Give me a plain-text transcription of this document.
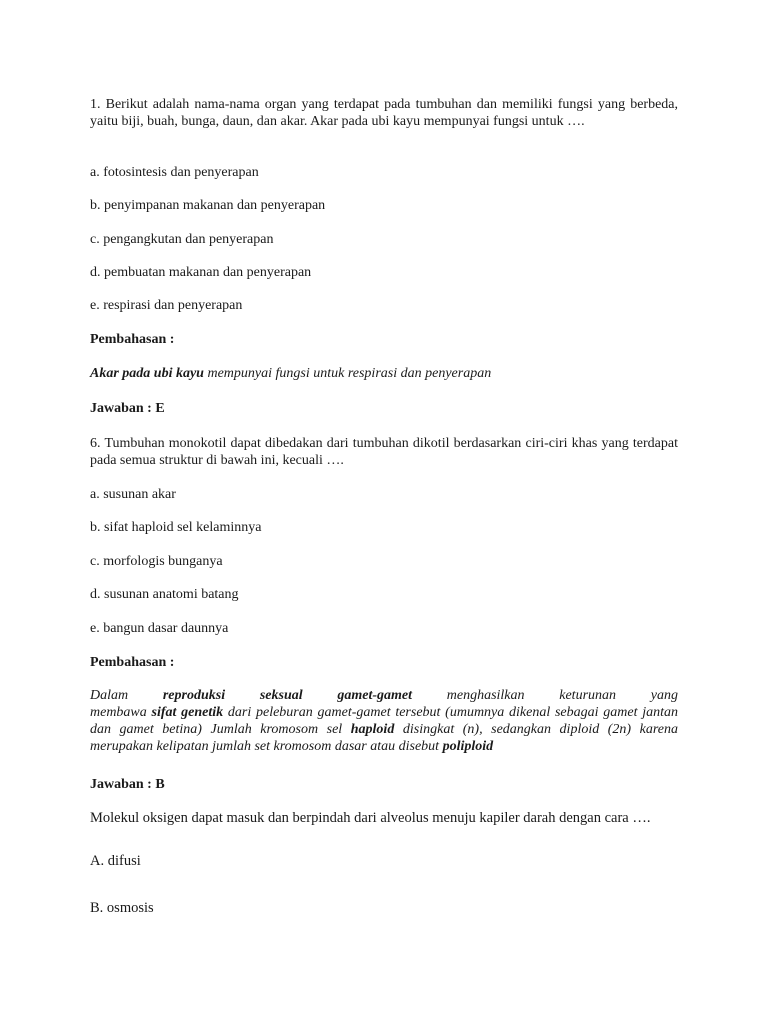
1. Berikut adalah nama-nama organ yang terdapat pada tumbuhan dan memiliki fungsi yang berbeda, yaitu biji, buah, bunga, daun, dan akar. Akar pada ubi kayu mempunyai fungsi untuk ….

a. fotosintesis dan penyerapan

b. penyimpanan makanan dan penyerapan

c. pengangkutan dan penyerapan

d. pembuatan makanan dan penyerapan

e. respirasi dan penyerapan

Pembahasan :

Akar pada ubi kayu mempunyai fungsi untuk respirasi dan penyerapan

Jawaban : E

6. Tumbuhan monokotil dapat dibedakan dari tumbuhan dikotil berdasarkan ciri-ciri khas yang terdapat pada semua struktur di bawah ini, kecuali ….

a. susunan akar

b. sifat haploid sel kelaminnya

c. morfologis bunganya

d. susunan anatomi batang

e. bangun dasar daunnya

Pembahasan :

Dalam reproduksi seksual gamet-gamet menghasilkan keturunan yang
membawa sifat genetik dari peleburan gamet-gamet tersebut (umumnya dikenal sebagai gamet jantan dan gamet betina) Jumlah kromosom sel haploid disingkat (n), sedangkan diploid (2n) karena merupakan kelipatan jumlah set kromosom dasar atau disebut poliploid

Jawaban : B

Molekul oksigen dapat masuk dan berpindah dari alveolus menuju kapiler darah dengan cara ….

A. difusi

B. osmosis
